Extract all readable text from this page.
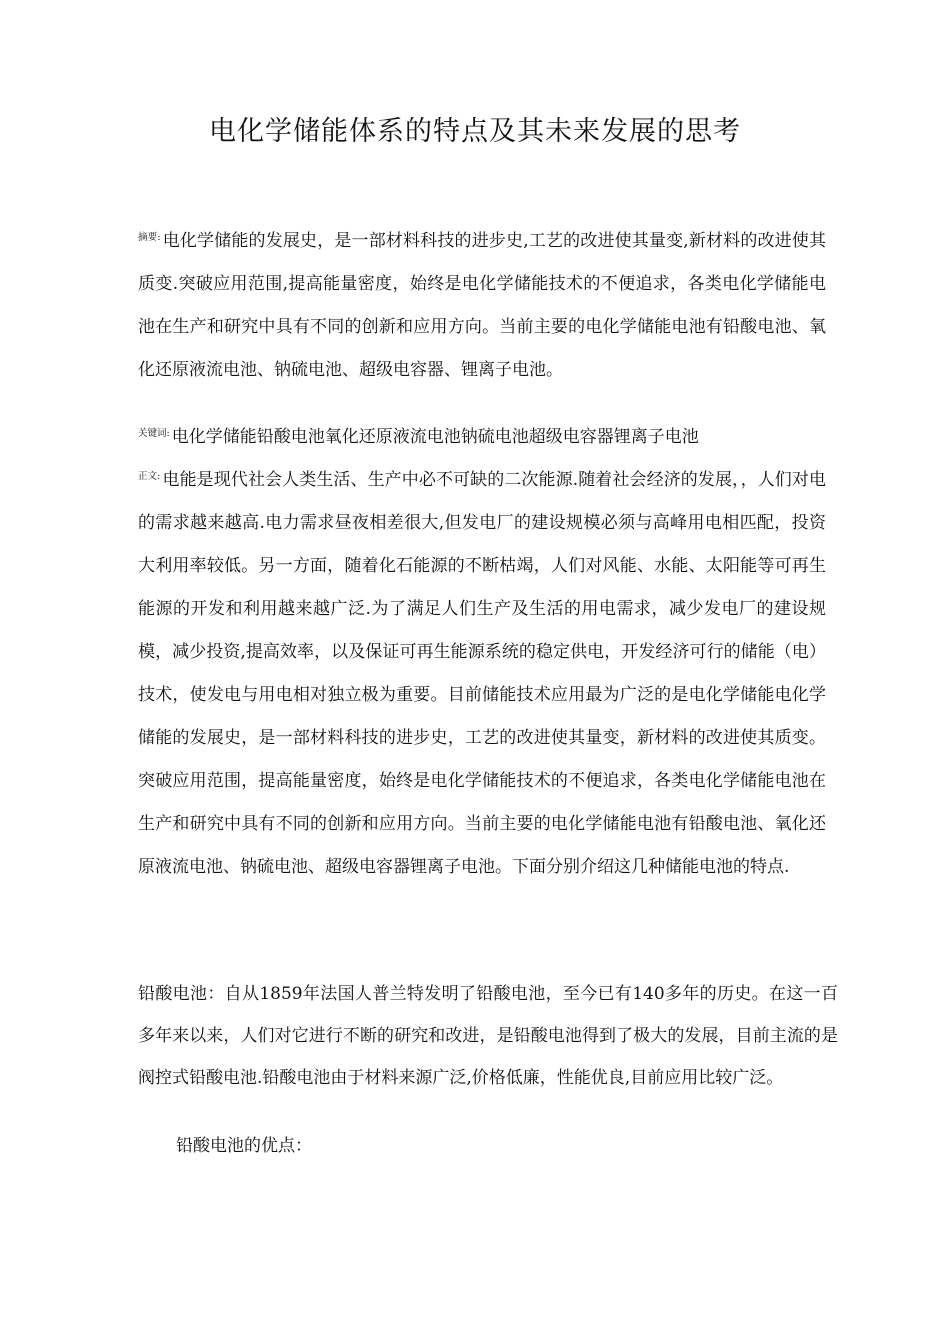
电化学储能体系的特点及其未来发展的思考
$^{摘要:}$ 电化学储能的发展史，是一部材料科技的进步史,工艺的改进使其量变,新材料的改进使其质变.突破应用范围,提高能量密度，始终是电化学储能技术的不便追求，各类电化学储能电池在生产和研究中具有不同的创新和应用方向。当前主要的电化学储能电池有铅酸电池、氧化还原液流电池、钠硫电池、超级电容器、锂离子电池。
$^{关键词:}$ 电化学储能铅酸电池氧化还原液流电池钠硫电池超级电容器锂离子电池
$^{正文:}$ 电能是现代社会人类生活、生产中必不可缺的二次能源.随着社会经济的发展，，人们对电的需求越来越高.电力需求昼夜相差很大,但发电厂的建设规模必须与高峰用电相匹配，投资大利用率较低。另一方面，随着化石能源的不断枯竭，人们对风能、水能、太阳能等可再生能源的开发和利用越来越广泛.为了满足人们生产及生活的用电需求，减少发电厂的建设规模，减少投资,提高效率，以及保证可再生能源系统的稳定供电，开发经济可行的储能（电）技术，使发电与用电相对独立极为重要。目前储能技术应用最为广泛的是电化学储能电化学储能的发展史，是一部材料科技的进步史，工艺的改进使其量变，新材料的改进使其质变。突破应用范围，提高能量密度，始终是电化学储能技术的不便追求，各类电化学储能电池在生产和研究中具有不同的创新和应用方向。当前主要的电化学储能电池有铅酸电池、氧化还原液流电池、钠硫电池、超级电容器锂离子电池。下面分别介绍这几种储能电池的特点.
铅酸电池：自从1859年法国人普兰特发明了铅酸电池，至今已有140多年的历史。在这一百多年来以来，人们对它进行不断的研究和改进，是铅酸电池得到了极大的发展，目前主流的是阀控式铅酸电池.铅酸电池由于材料来源广泛,价格低廉，性能优良,目前应用比较广泛。
铅酸电池的优点：
